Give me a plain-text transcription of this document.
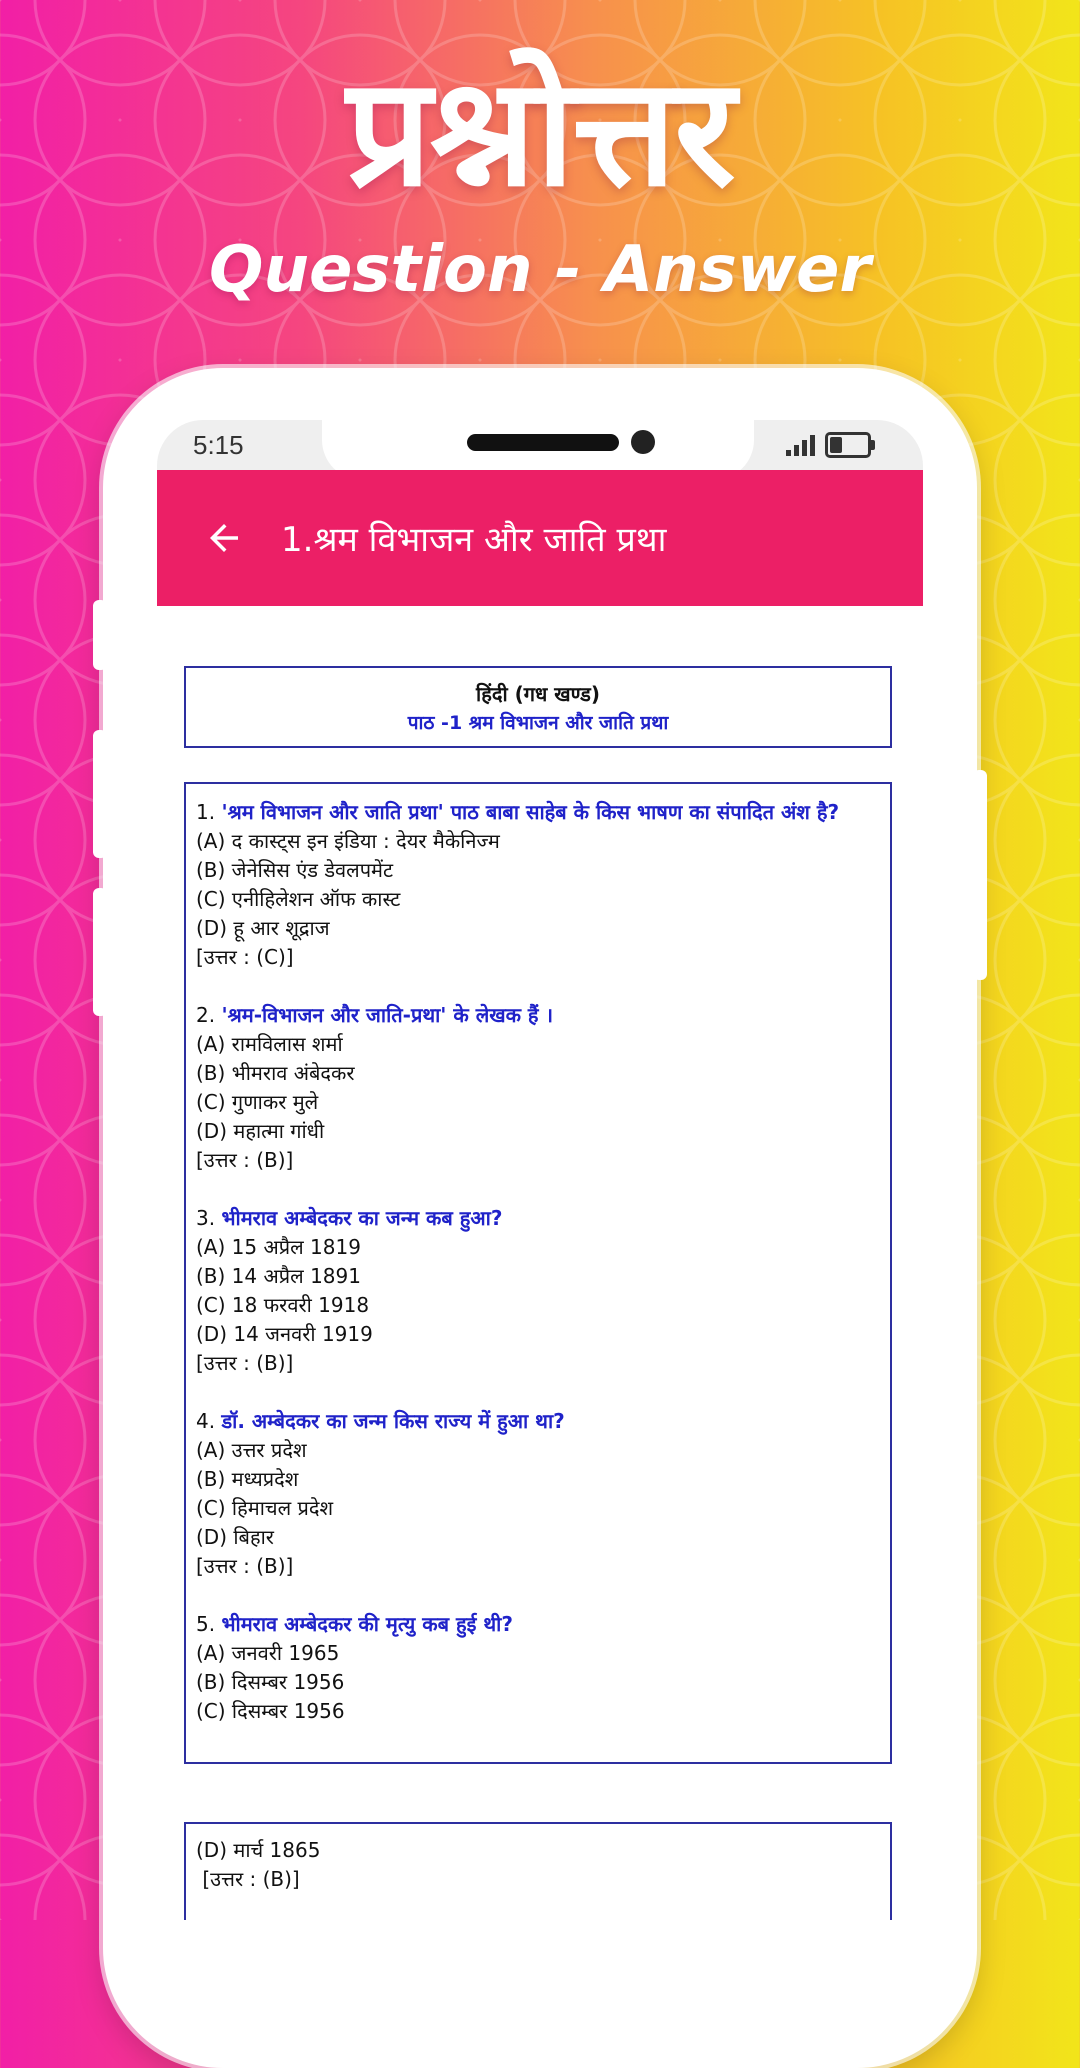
प्रश्नोत्तर
Question - Answer
5:15
1.श्रम विभाजन और जाति प्रथा
हिंदी (गध खण्ड)
पाठ -1 श्रम विभाजन और जाति प्रथा
1. 'श्रम विभाजन और जाति प्रथा' पाठ बाबा साहेब के किस भाषण का संपादित अंश है?
(A) द कास्ट्स इन इंडिया : देयर मैकेनिज्म
(B) जेनेसिस एंड डेवलपमेंट
(C) एनीहिलेशन ऑफ कास्ट
(D) हू आर शूद्राज
[उत्तर : (C)]
2. 'श्रम-विभाजन और जाति-प्रथा' के लेखक हैं ।
(A) रामविलास शर्मा
(B) भीमराव अंबेदकर
(C) गुणाकर मुले
(D) महात्मा गांधी
[उत्तर : (B)]
3. भीमराव अम्बेदकर का जन्म कब हुआ?
(A) 15 अप्रैल 1819
(B) 14 अप्रैल 1891
(C) 18 फरवरी 1918
(D) 14 जनवरी 1919
[उत्तर : (B)]
4. डॉ. अम्बेदकर का जन्म किस राज्य में हुआ था?
(A) उत्तर प्रदेश
(B) मध्यप्रदेश
(C) हिमाचल प्रदेश
(D) बिहार
[उत्तर : (B)]
5. भीमराव अम्बेदकर की मृत्यु कब हुई थी?
(A) जनवरी 1965
(B) दिसम्बर 1956
(C) दिसम्बर 1956
(D) मार्च 1865
[उत्तर : (B)]
